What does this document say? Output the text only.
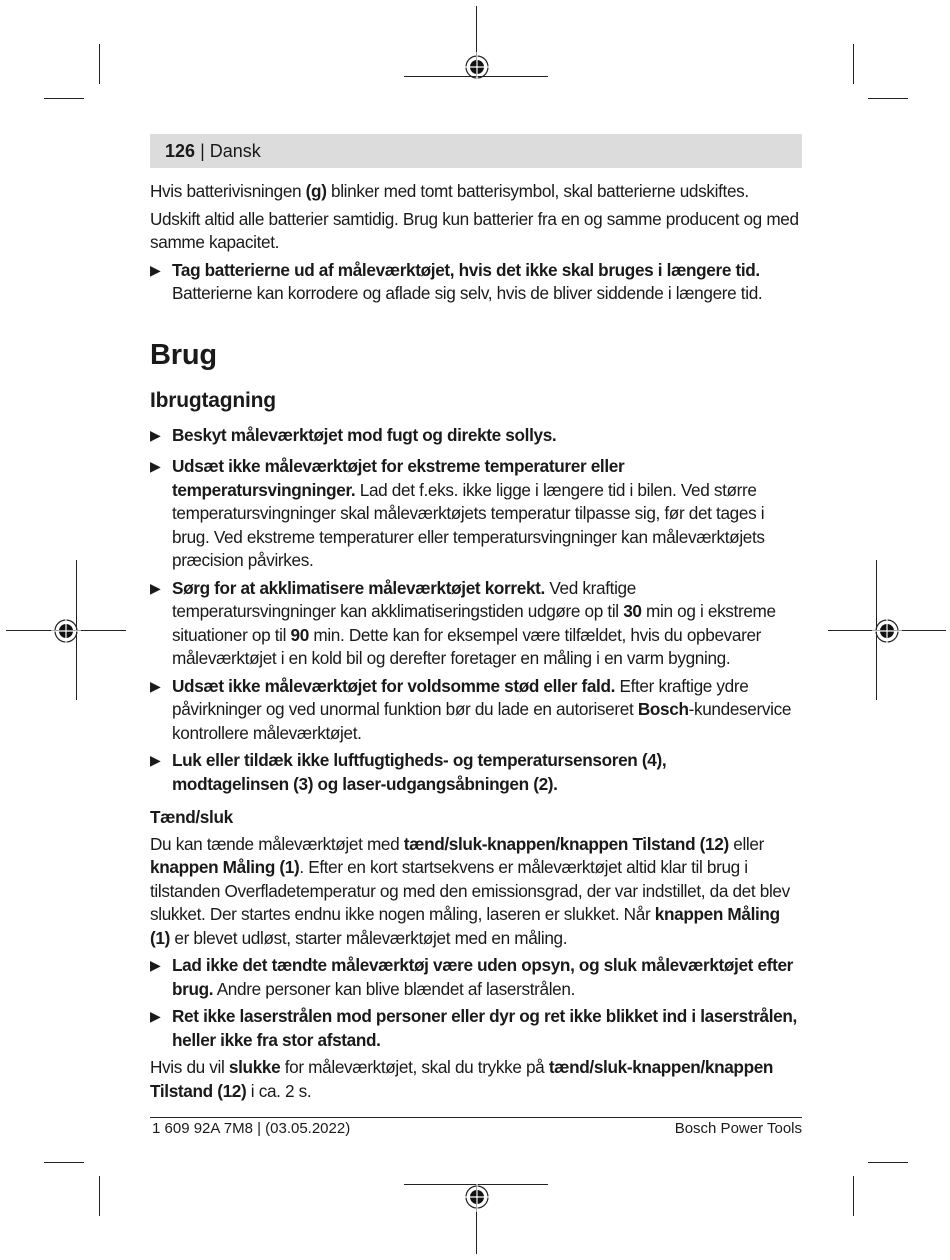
126 | Dansk

Hvis batterivisningen (g) blinker med tomt batterisymbol, skal batterierne udskiftes.

Udskift altid alle batterier samtidig. Brug kun batterier fra en og samme producent og med samme kapacitet.

▶ Tag batterierne ud af måleværktøjet, hvis det ikke skal bruges i længere tid. Batterierne kan korrodere og aflade sig selv, hvis de bliver siddende i længere tid.
Brug
Ibrugtagning
▶ Beskyt måleværktøjet mod fugt og direkte sollys.
▶ Udsæt ikke måleværktøjet for ekstreme temperaturer eller temperatursvingninger. Lad det f.eks. ikke ligge i længere tid i bilen. Ved større temperatursvingninger skal måleværktøjets temperatur tilpasse sig, før det tages i brug. Ved ekstreme temperaturer eller temperatursvingninger kan måleværktøjets præcision påvirkes.
▶ Sørg for at akklimatisere måleværktøjet korrekt. Ved kraftige temperatursvingninger kan akklimatiseringstiden udgøre op til 30 min og i ekstreme situationer op til 90 min. Dette kan for eksempel være tilfældet, hvis du opbevarer måleværktøjet i en kold bil og derefter foretager en måling i en varm bygning.
▶ Udsæt ikke måleværktøjet for voldsomme stød eller fald. Efter kraftige ydre påvirkninger og ved unormal funktion bør du lade en autoriseret Bosch-kundeservice kontrollere måleværktøjet.
▶ Luk eller tildæk ikke luftfugtigheds- og temperatursensoren (4),
modtagelinsen (3) og laser-udgangsåbningen (2).
Tænd/sluk

Du kan tænde måleværktøjet med tænd/sluk-knappen/knappen Tilstand (12) eller knappen Måling (1). Efter en kort startsekvens er måleværktøjet altid klar til brug i tilstanden Overfladetemperatur og med den emissionsgrad, der var indstillet, da det blev slukket. Der startes endnu ikke nogen måling, laseren er slukket. Når knappen Måling (1) er blevet udløst, starter måleværktøjet med en måling.

▶ Lad ikke det tændte måleværktøj være uden opsyn, og sluk måleværktøjet efter brug. Andre personer kan blive blændet af laserstrålen.
▶ Ret ikke laserstrålen mod personer eller dyr og ret ikke blikket ind i laserstrålen, heller ikke fra stor afstand.

Hvis du vil slukke for måleværktøjet, skal du trykke på tænd/sluk-knappen/knappen Tilstand (12) i ca. 2 s.

1 609 92A 7M8 | (03.05.2022)	Bosch Power Tools
